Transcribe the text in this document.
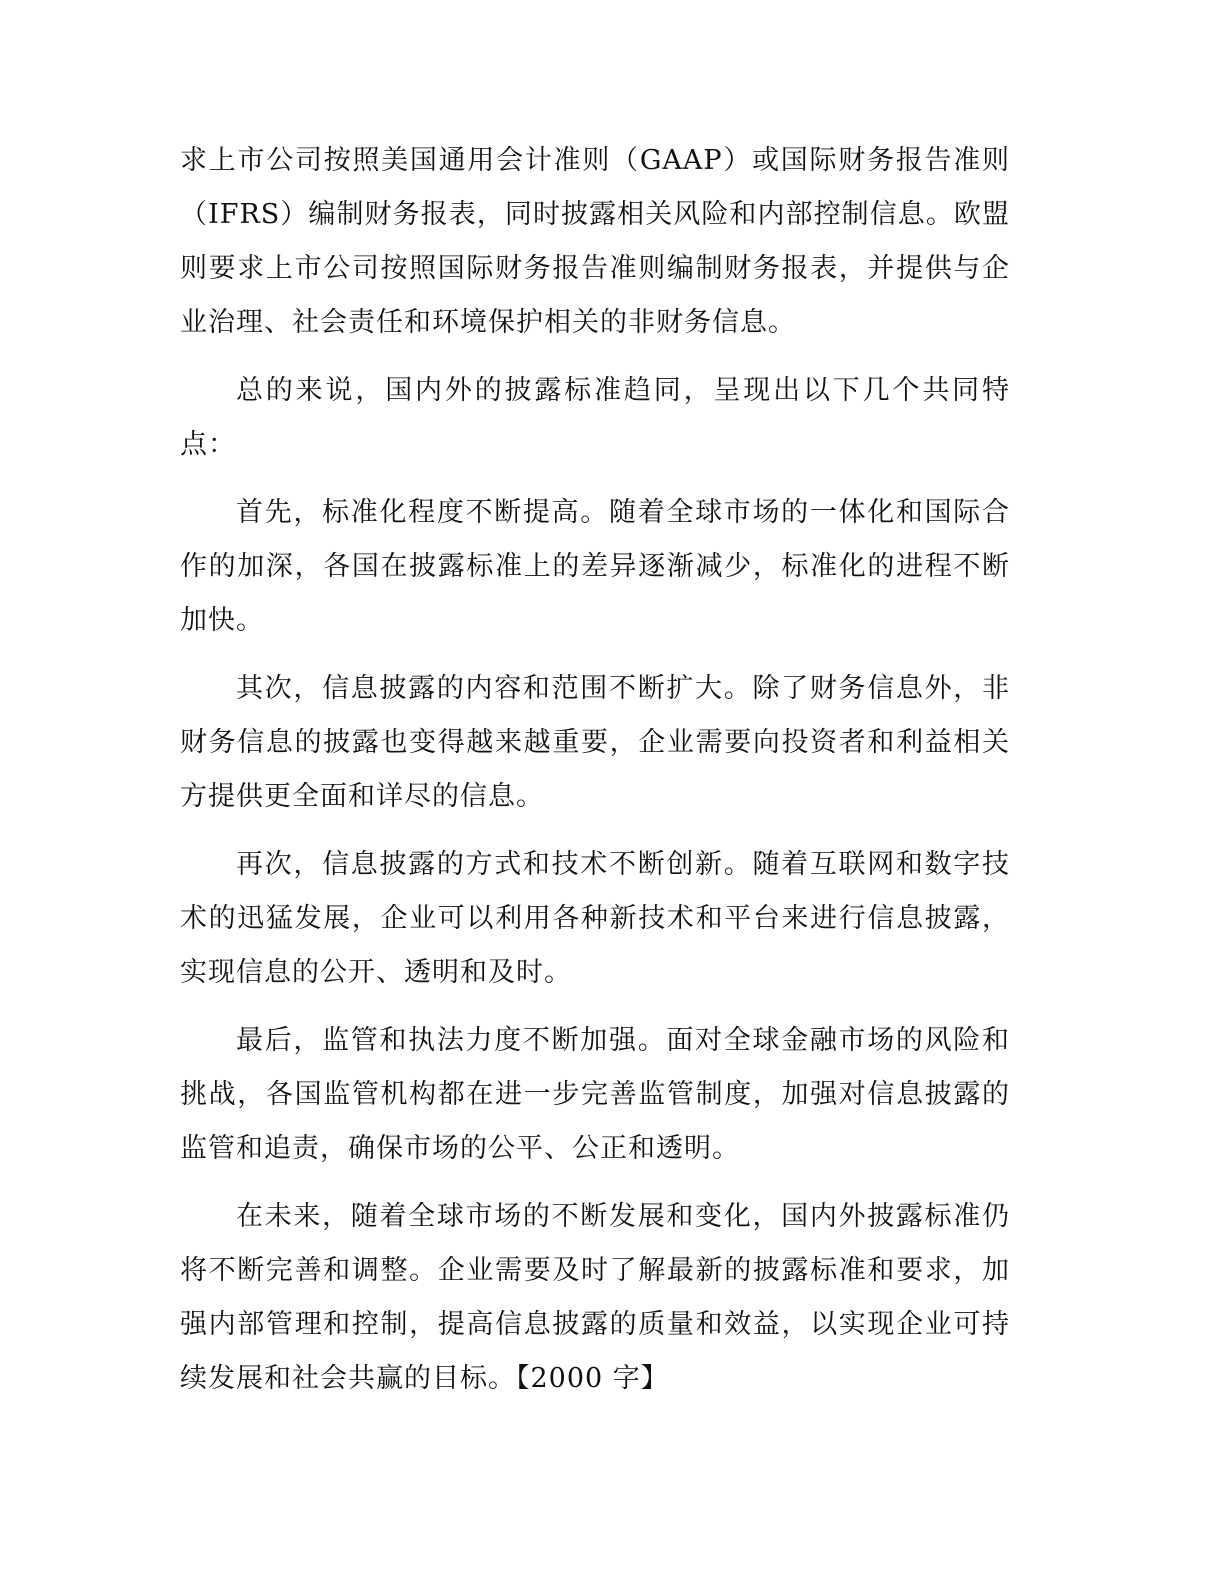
求上市公司按照美国通用会计准则（GAAP）或国际财务报告准则（IFRS）编制财务报表，同时披露相关风险和内部控制信息。欧盟则要求上市公司按照国际财务报告准则编制财务报表，并提供与企业治理、社会责任和环境保护相关的非财务信息。

总的来说，国内外的披露标准趋同，呈现出以下几个共同特点：

首先，标准化程度不断提高。随着全球市场的一体化和国际合作的加深，各国在披露标准上的差异逐渐减少，标准化的进程不断加快。

其次，信息披露的内容和范围不断扩大。除了财务信息外，非财务信息的披露也变得越来越重要，企业需要向投资者和利益相关方提供更全面和详尽的信息。

再次，信息披露的方式和技术不断创新。随着互联网和数字技术的迅猛发展，企业可以利用各种新技术和平台来进行信息披露，实现信息的公开、透明和及时。

最后，监管和执法力度不断加强。面对全球金融市场的风险和挑战，各国监管机构都在进一步完善监管制度，加强对信息披露的监管和追责，确保市场的公平、公正和透明。

在未来，随着全球市场的不断发展和变化，国内外披露标准仍将不断完善和调整。企业需要及时了解最新的披露标准和要求，加强内部管理和控制，提高信息披露的质量和效益，以实现企业可持续发展和社会共赢的目标。【2000 字】
